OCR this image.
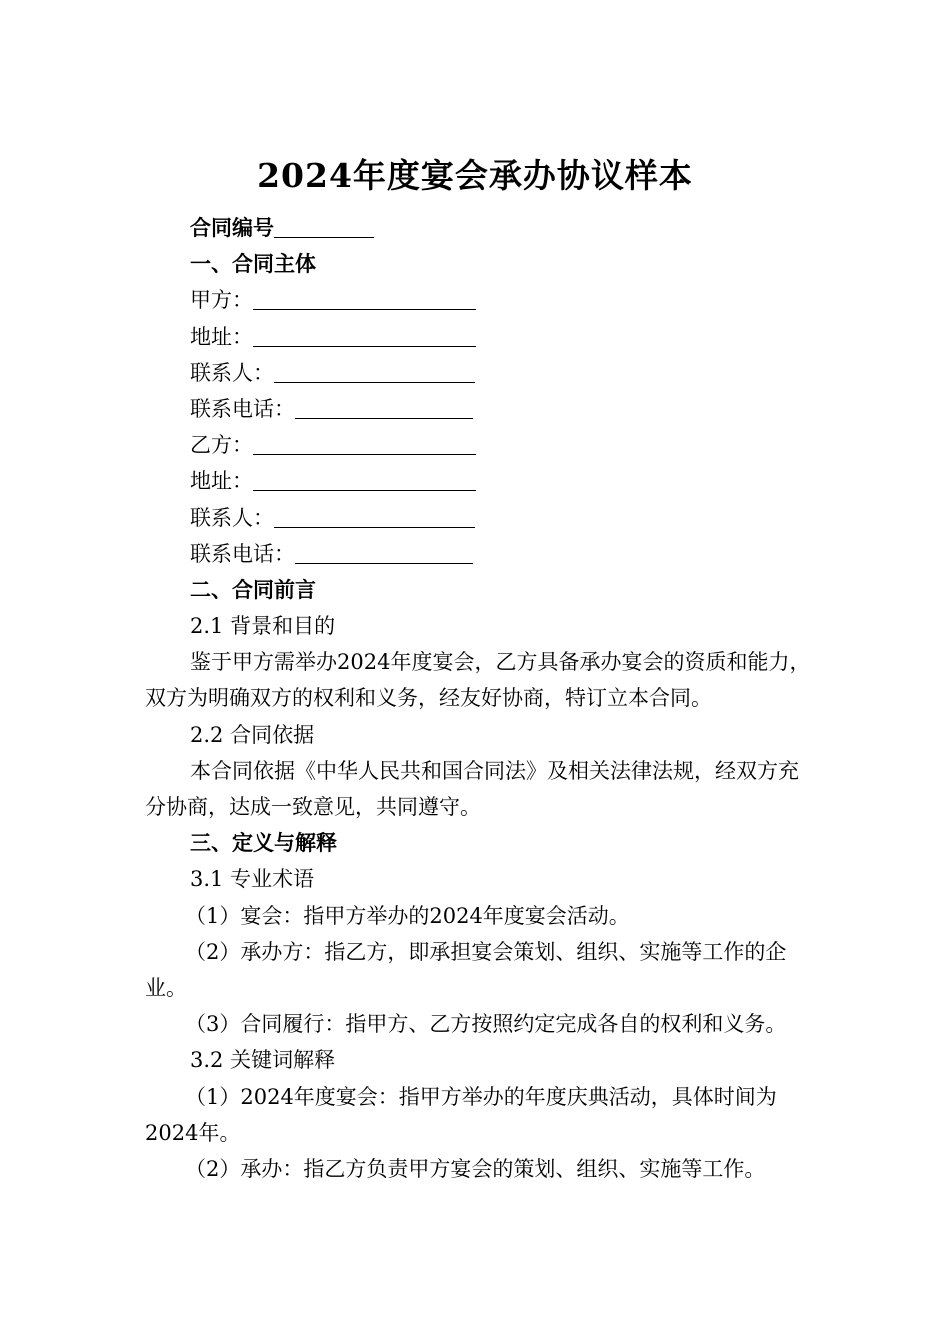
2024年度宴会承办协议样本

合同编号

一、合同主体

甲方：

地址：

联系人：

联系电话：

乙方：

地址：

联系人：

联系电话：

二、合同前言

2.1 背景和目的

鉴于甲方需举办2024年度宴会，乙方具备承办宴会的资质和能力，双方为明确双方的权利和义务，经友好协商，特订立本合同。

2.2 合同依据

本合同依据《中华人民共和国合同法》及相关法律法规，经双方充分协商，达成一致意见，共同遵守。

三、定义与解释

3.1 专业术语

（1）宴会：指甲方举办的2024年度宴会活动。

（2）承办方：指乙方，即承担宴会策划、组织、实施等工作的企业。

（3）合同履行：指甲方、乙方按照约定完成各自的权利和义务。

3.2 关键词解释

（1）2024年度宴会：指甲方举办的年度庆典活动，具体时间为2024年。

（2）承办：指乙方负责甲方宴会的策划、组织、实施等工作。
